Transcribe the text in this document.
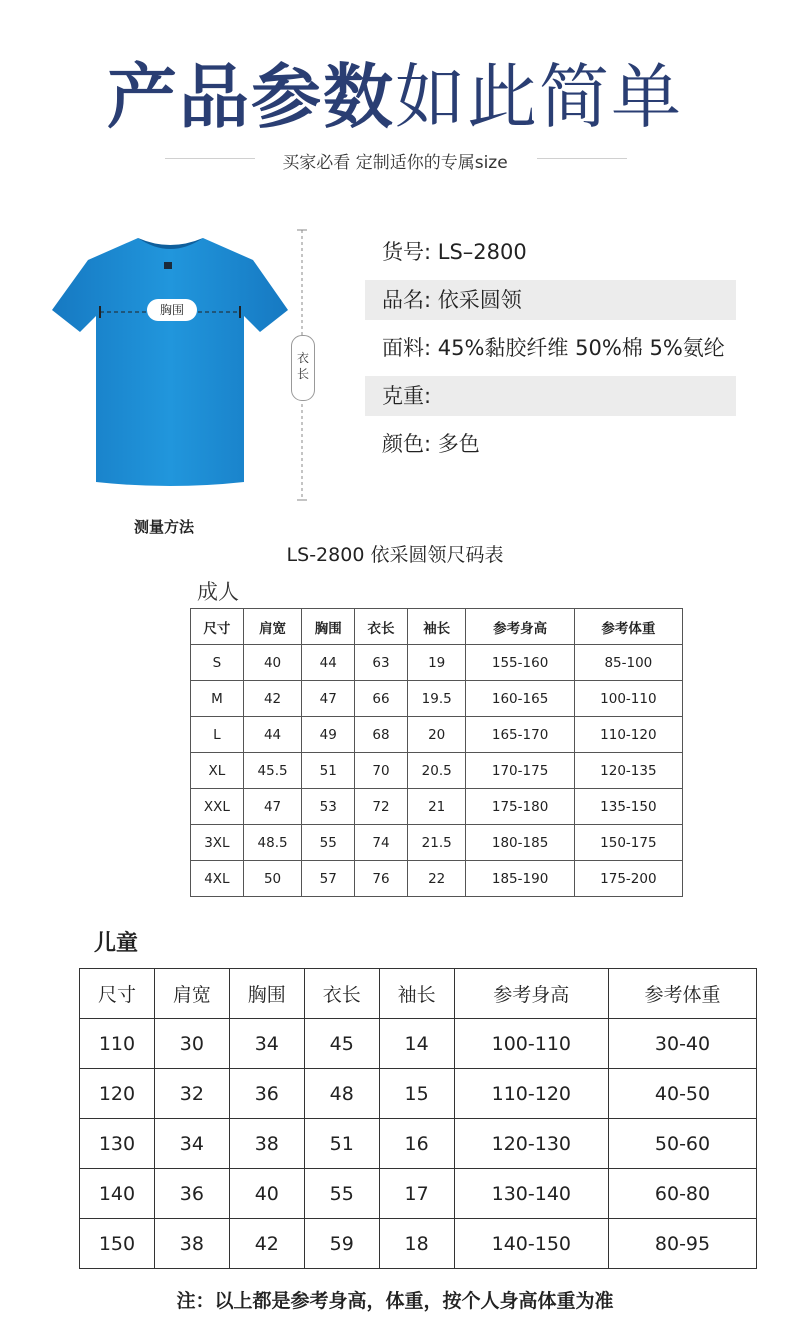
产品参数如此简单
买家必看 定制适你的专属size
胸围
衣
长
测量方法
货号: LS–2800
品名: 依采圆领
面料: 45%黏胶纤维 50%棉 5%氨纶
克重:
颜色: 多色
LS-2800 依采圆领尺码表
成人
尺寸	肩宽	胸围	衣长	袖长	参考身高	参考体重
S	40	44	63	19	155-160	85-100
M	42	47	66	19.5	160-165	100-110
L	44	49	68	20	165-170	110-120
XL	45.5	51	70	20.5	170-175	120-135
XXL	47	53	72	21	175-180	135-150
3XL	48.5	55	74	21.5	180-185	150-175
4XL	50	57	76	22	185-190	175-200
儿童
尺寸	肩宽	胸围	衣长	袖长	参考身高	参考体重
110	30	34	45	14	100-110	30-40
120	32	36	48	15	110-120	40-50
130	34	38	51	16	120-130	50-60
140	36	40	55	17	130-140	60-80
150	38	42	59	18	140-150	80-95
注：以上都是参考身高，体重，按个人身高体重为准
